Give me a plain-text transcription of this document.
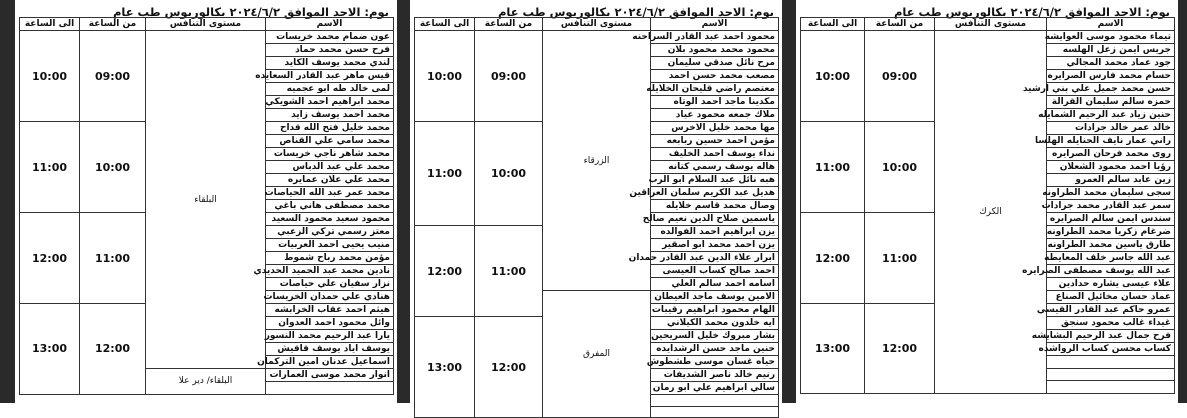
يوم: الاحد الموافق ٢٠٢٤/٦/٢ بكالوريوس طب عام
الاسم	مستوى التنافس	من الساعة	الى الساعة
عون ضمام محمد خريسات	البلقاء	09:00	10:00
فرح حسن محمد حماد			
لندي محمد يوسف الكايد			
قيس ماهر عبد القادر السعايده			
لمى خالد طه ابو عجميه			
محمد ابراهيم احمد الشويكي			
محمد احمد يوسف زايد			
محمد خليل فتح الله قداح		10:00	11:00
محمد سامي علي القناص			
محمد شاهر ناجي خريسات			
محمد علي عبد الدباس			
محمد علي علان عمايره			
محمد عمر عبد الله الحياصات			
محمد مصطفى هاني باغي			
محمود سعيد محمود السعيد		11:00	12:00
معتز رسمي تركي الزعبي			
منيب يحيى احمد العربيات			
مؤمن محمد رباح شموط			
نادين محمد عبد الحميد الحديدي			
نزار سفيان علي حياصات			
هنادي علي حمدان الخريسات			
هيثم احمد عقاب الخرابشه		12:00	13:00
وائل محمود احمد العدوان			
يارا عبد الرحيم محمد النسور			
يوسف اياد يوسف قاقيش			
اسماعيل عدنان امين التركمان			
انوار محمد موسى العمارات	البلقاء/ دير علا		

يوم: الاحد الموافق ٢٠٢٤/٦/٢ بكالوريوس طب عام
الاسم	مستوى التنافس	من الساعة	الى الساعة
محمود احمد عبد القادر السراحنه	الزرقاء	09:00	10:00
محمود محمد محمود بلان			
مرح نائل صدقي سليمان			
مصعب محمد حسن احمد			
معتصم راضي قليحان الخلايله			
مكدينا ماجد احمد الوتاه			
ملاك جمعه محمود عياد			
مها محمد خليل الاخرس		10:00	11:00
مؤمن احمد حسين ربابعه			
نداء يوسف احمد الخليف			
هاله يوسف رسمي كتانه			
هبه نائل عبد السلام ابو الرب			
هديل عبد الكريم سلمان العراقين			
وصال محمد قاسم خلايله			
ياسمين صلاح الدين نعيم صالح			
يزن ابراهيم احمد الفوالده		11:00	12:00
يزن احمد محمد ابو اصقير			
ابرار علاء الدين عبد القادر حمدان			
احمد صالح كساب العيسى			
اسامه احمد سالم العلي			
الامين يوسف ماجد العيطان	المفرق		
الهام محمود ابراهيم رقيبات			
ايه خلدون محمد الكيلاني		12:00	13:00
بشار مبروك خليل السريحين			
حنين ماجد حسن الرشدايده			
حياه غسان موسى طشطوش			
رنيم خالد ناصر الشديفات			
سالي ابراهيم علي ابو رمان			

يوم: الاحد الموافق ٢٠٢٤/٦/٢ بكالوريوس طب عام
الاسم	مستوى التنافس	من الساعة	الى الساعة
تيماء محمود موسى العوايشه	الكرك	09:00	10:00
جريس ايمن زعل الهلسه			
جود عماد محمد المجالي			
حسام محمد فارس الصرايره			
حسن محمد جميل علي بني ارشيد			
حمزه سالم سليمان القرالة			
حنين زياد عبد الرحيم الشمايله			
خالد عمر خالد جرادات		10:00	11:00
راني عمار نايف الحنايله الهلسا			
روى محمد فرحان الصرايره			
رؤيا احمد محمود الشعلان			
زين عابد سالم العمرو			
سجى سليمان محمد الطراونه			
سمر عبد القادر محمد جرادات			
سندس ايمن سالم الصرايره		11:00	12:00
ضرغام زكريا محمد الطراونه			
طارق ياسين محمد الطراونه			
عبد الله جاسر خلف المعايطه			
عبد الله يوسف مصطفى الصرايره			
علاء عيسى يشاره حدادين			
عماد حسان مخائيل الصناع			
عمرو حاكم عبد القادر القيسي		12:00	13:00
غيداء غالب محمود سنجق			
فرح جمال عبد الرحيم البشايشه			
كساب محسن كساب الرواشده			
